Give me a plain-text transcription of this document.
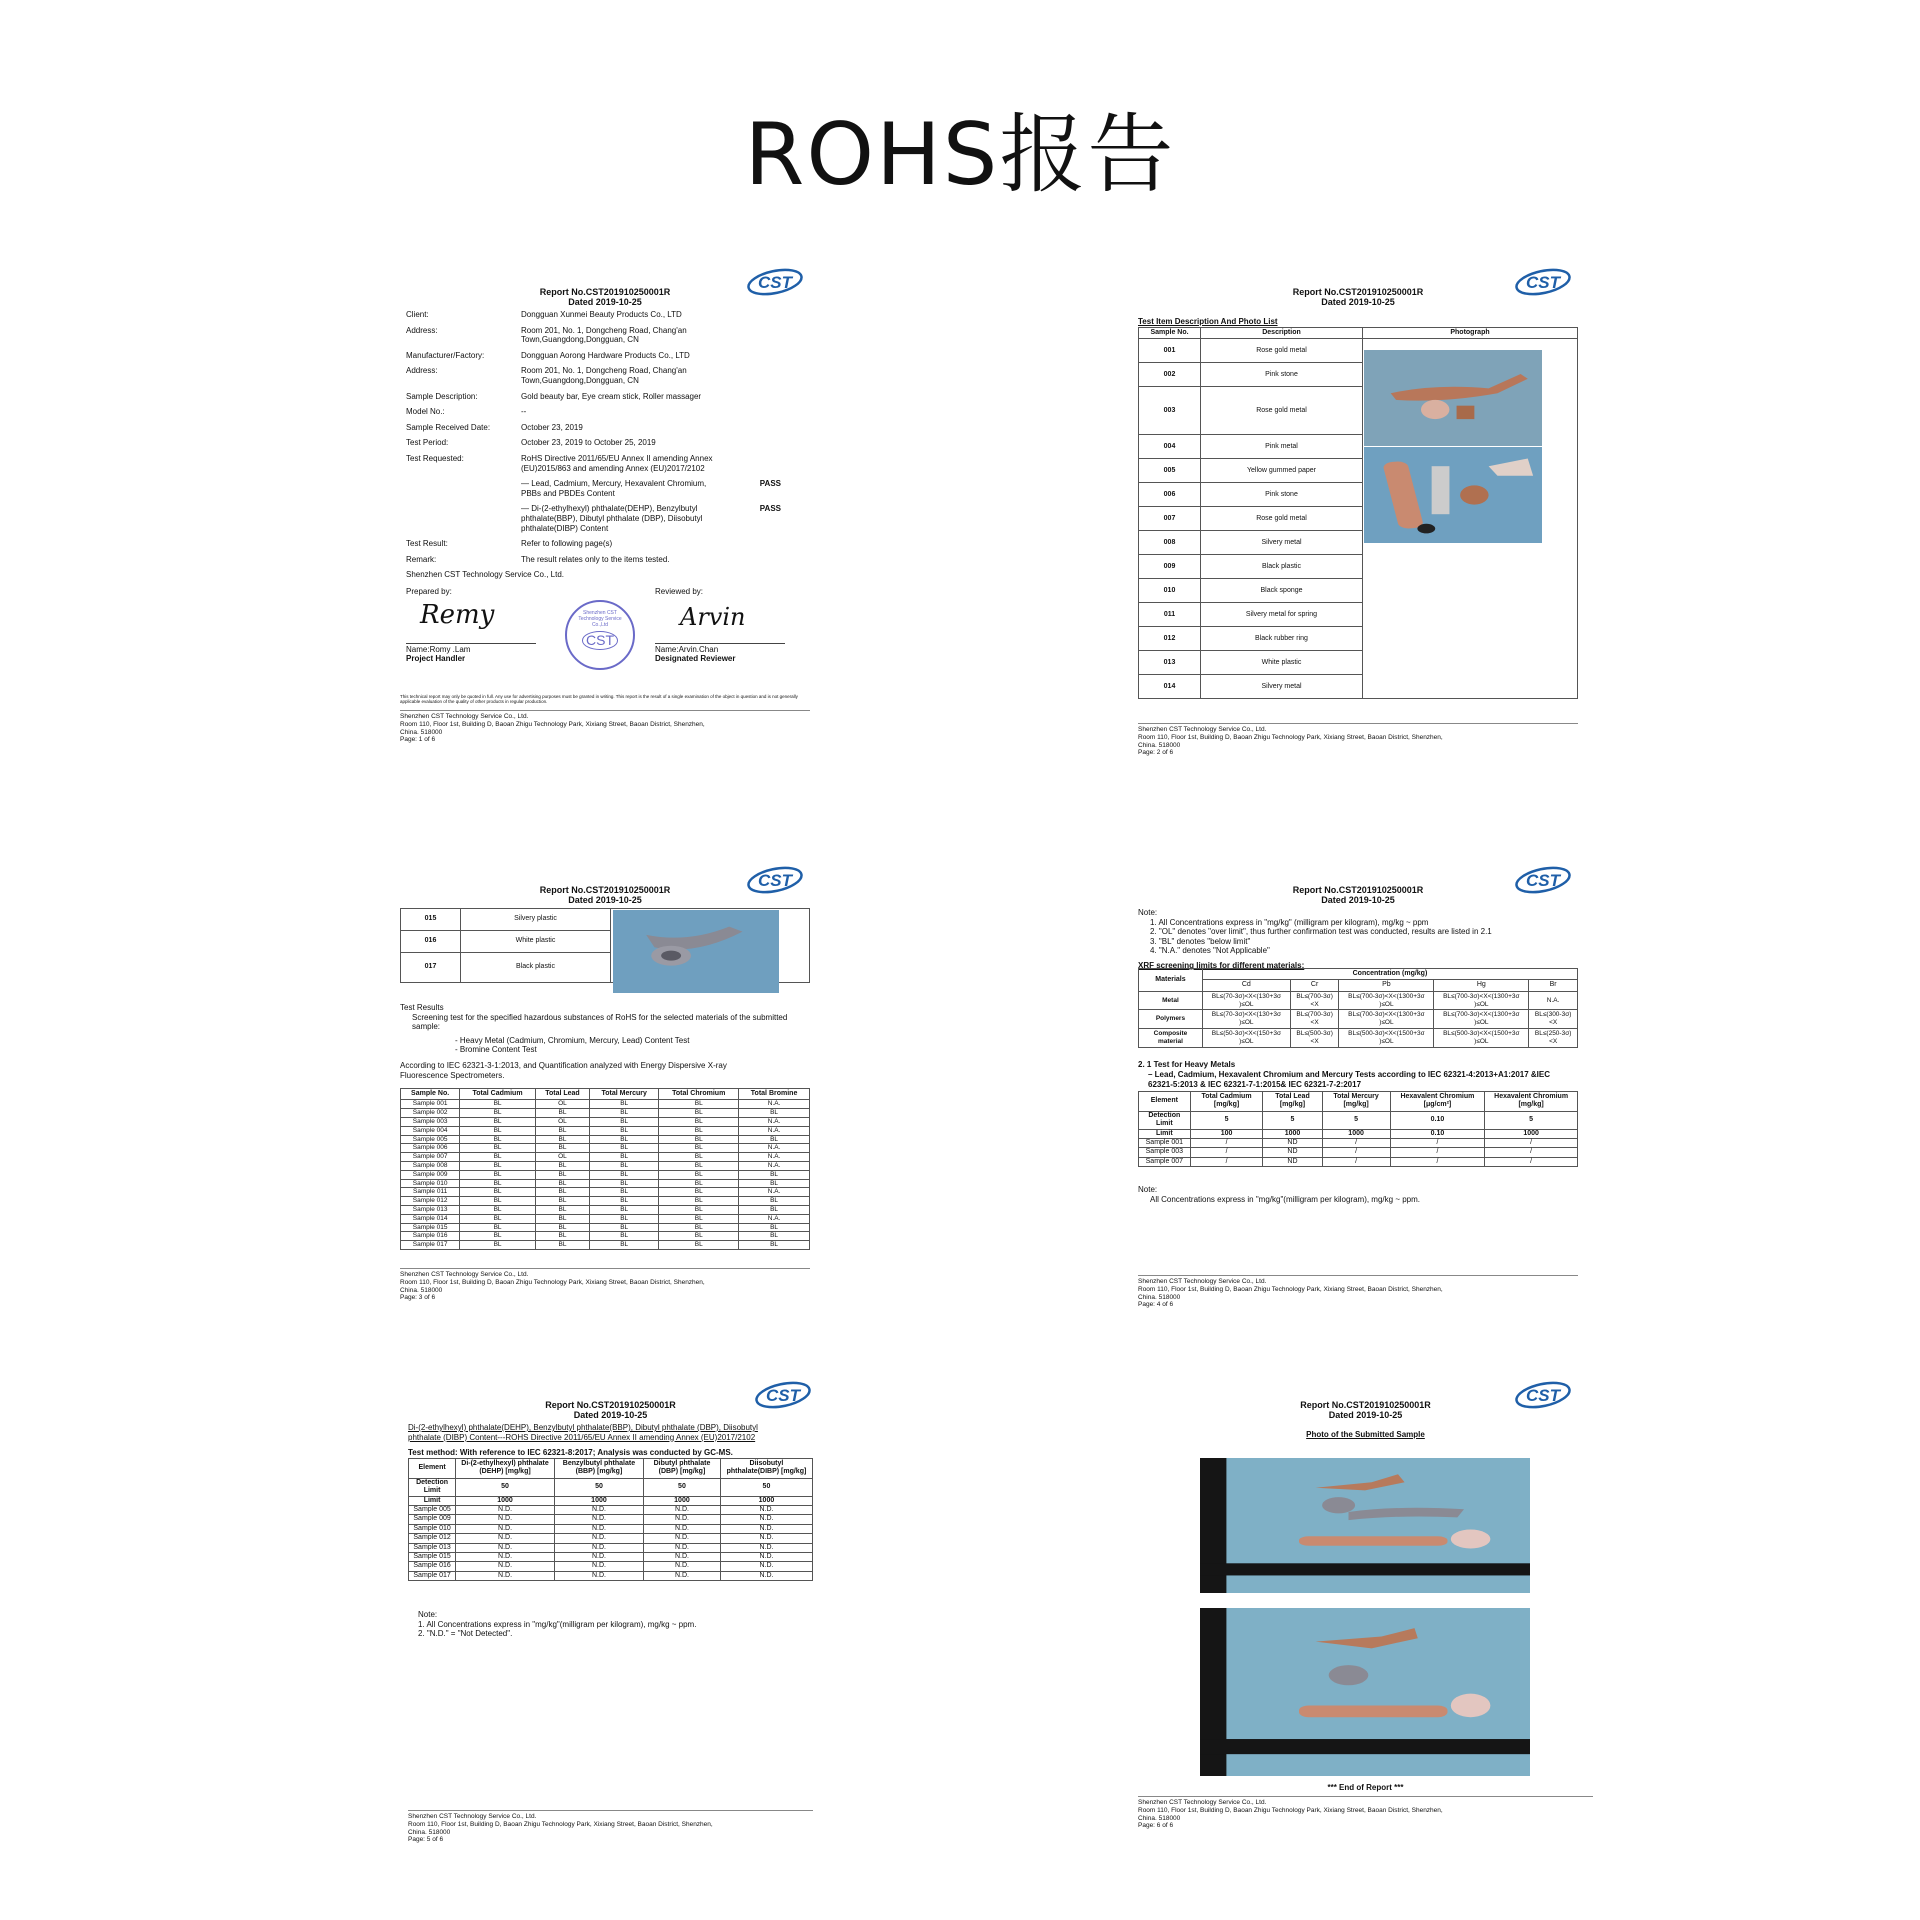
ROHS报告
CST
Report No.CST201910250001R
Dated 2019-10-25
Client:	Dongguan Xunmei Beauty Products Co., LTD
Address:	Room 201, No. 1, Dongcheng Road, Chang'an Town,Guangdong,Dongguan, CN
Manufacturer/Factory:	Dongguan Aorong Hardware Products Co., LTD
Address:	Room 201, No. 1, Dongcheng Road, Chang'an Town,Guangdong,Dongguan, CN
Sample Description:	Gold beauty bar, Eye cream stick, Roller massager
Model No.:	--
Sample Received Date:	October 23, 2019
Test Period:	October 23, 2019 to October 25, 2019
Test Requested:	RoHS Directive 2011/65/EU Annex II amending Annex (EU)2015/863 and amending Annex (EU)2017/2102
— Lead, Cadmium, Mercury, Hexavalent Chromium, PBBs and PBDEs Content
PASS
— Di-(2-ethylhexyl) phthalate(DEHP), Benzylbutyl phthalate(BBP), Dibutyl phthalate (DBP), Diisobutyl phthalate(DIBP) Content
PASS
Test Result:	Refer to following page(s)
Remark:	The result relates only to the items tested.
Shenzhen CST Technology Service Co., Ltd.
Prepared by:	Reviewed by:
Remy	Arvin
Shenzhen CST Technology Service Co.,Ltd
CST
Name:Romy .Lam
Project Handler
Name:Arvin.Chan
Designated Reviewer
This technical report may only be quoted in full. Any use for advertising purposes must be granted in writing. This report is the result of a single examination of the object in question and is not generally applicable evaluation of the quality of other products in regular production.
Shenzhen CST Technology Service Co., Ltd.
Room 110, Floor 1st, Building D, Baoan Zhigu Technology Park, Xixiang Street, Baoan District, Shenzhen,
China. 518000
Page: 1 of 6
CST
Report No.CST201910250001R
Dated 2019-10-25
Test Item Description And Photo List
Sample No.	Description	Photograph
001	Rose gold metal	
002	Pink stone	
003	Rose gold metal	
004	Pink metal	
005	Yellow gummed paper	
006	Pink stone	
007	Rose gold metal	
008	Silvery metal	
009	Black plastic	
010	Black sponge	
011	Silvery metal for spring	
012	Black rubber ring	
013	White plastic	
014	Silvery metal	
Shenzhen CST Technology Service Co., Ltd.
Room 110, Floor 1st, Building D, Baoan Zhigu Technology Park, Xixiang Street, Baoan District, Shenzhen,
China. 518000
Page: 2 of 6
CST
Report No.CST201910250001R
Dated 2019-10-25
015	Silvery plastic	
016	White plastic	
017	Black plastic	
Test Results
Screening test for the specified hazardous substances of RoHS for the selected materials of the submitted sample:
- Heavy Metal (Cadmium, Chromium, Mercury, Lead) Content Test
- Bromine Content Test
According to IEC 62321-3-1:2013, and Quantification analyzed with Energy Dispersive X-ray Fluorescence Spectrometers.
Sample No.	Total Cadmium	Total Lead	Total Mercury	Total Chromium	Total Bromine
Sample 001	BL	OL	BL	BL	N.A.
Sample 002	BL	BL	BL	BL	BL
Sample 003	BL	OL	BL	BL	N.A.
Sample 004	BL	BL	BL	BL	N.A.
Sample 005	BL	BL	BL	BL	BL
Sample 006	BL	BL	BL	BL	N.A.
Sample 007	BL	OL	BL	BL	N.A.
Sample 008	BL	BL	BL	BL	N.A.
Sample 009	BL	BL	BL	BL	BL
Sample 010	BL	BL	BL	BL	BL
Sample 011	BL	BL	BL	BL	N.A.
Sample 012	BL	BL	BL	BL	BL
Sample 013	BL	BL	BL	BL	BL
Sample 014	BL	BL	BL	BL	N.A.
Sample 015	BL	BL	BL	BL	BL
Sample 016	BL	BL	BL	BL	BL
Sample 017	BL	BL	BL	BL	BL
Shenzhen CST Technology Service Co., Ltd.
Room 110, Floor 1st, Building D, Baoan Zhigu Technology Park, Xixiang Street, Baoan District, Shenzhen,
China. 518000
Page: 3 of 6
CST
Report No.CST201910250001R
Dated 2019-10-25
Note:
1. All Concentrations express in "mg/kg" (milligram per kilogram), mg/kg ~ ppm
2. "OL" denotes "over limit", thus further confirmation test was conducted, results are listed in 2.1
3. "BL" denotes "below limit"
4. "N.A." denotes "Not Applicable"
XRF screening limits for different materials:
Materials	Concentration (mg/kg)				
	Cd	Cr	Pb	Hg	Br
Metal	BL≤(70-3σ)<X<(130+3σ )≤OL	BL≤(700-3σ)<X	BL≤(700-3σ)<X<(1300+3σ )≤OL	BL≤(700-3σ)<X<(1300+3σ )≤OL	N.A.
Polymers	BL≤(70-3σ)<X<(130+3σ )≤OL	BL≤(700-3σ)<X	BL≤(700-3σ)<X<(1300+3σ )≤OL	BL≤(700-3σ)<X<(1300+3σ )≤OL	BL≤(300-3σ)<X
Composite material	BL≤(50-3σ)<X<(150+3σ )≤OL	BL≤(500-3σ)<X	BL≤(500-3σ)<X<(1500+3σ )≤OL	BL≤(500-3σ)<X<(1500+3σ )≤OL	BL≤(250-3σ)<X
2. 1 Test for Heavy Metals
– Lead, Cadmium, Hexavalent Chromium and Mercury Tests according to IEC 62321-4:2013+A1:2017 &IEC 62321-5:2013 & IEC 62321-7-1:2015& IEC 62321-7-2:2017
Element	Total Cadmium [mg/kg]	Total Lead [mg/kg]	Total Mercury [mg/kg]	Hexavalent Chromium [μg/cm²]	Hexavalent Chromium [mg/kg]
Detection Limit	5	5	5	0.10	5
Limit	100	1000	1000	0.10	1000
Sample 001	/	ND	/	/	/
Sample 003	/	ND	/	/	/
Sample 007	/	ND	/	/	/
Note:
All Concentrations express in "mg/kg"(milligram per kilogram), mg/kg ~ ppm.
Shenzhen CST Technology Service Co., Ltd.
Room 110, Floor 1st, Building D, Baoan Zhigu Technology Park, Xixiang Street, Baoan District, Shenzhen,
China. 518000
Page: 4 of 6
CST
Report No.CST201910250001R
Dated 2019-10-25
Di-(2-ethylhexyl) phthalate(DEHP), Benzylbutyl phthalate(BBP), Dibutyl phthalate (DBP), Diisobutyl phthalate (DIBP) Content---ROHS Directive 2011/65/EU Annex II amending Annex (EU)2017/2102
Test method: With reference to IEC 62321-8:2017; Analysis was conducted by GC-MS.
Element	Di-(2-ethylhexyl) phthalate (DEHP) [mg/kg]	Benzylbutyl phthalate (BBP) [mg/kg]	Dibutyl phthalate (DBP) [mg/kg]	Diisobutyl phthalate(DIBP) [mg/kg]
Detection Limit	50	50	50	50
Limit	1000	1000	1000	1000
Sample 005	N.D.	N.D.	N.D.	N.D.
Sample 009	N.D.	N.D.	N.D.	N.D.
Sample 010	N.D.	N.D.	N.D.	N.D.
Sample 012	N.D.	N.D.	N.D.	N.D.
Sample 013	N.D.	N.D.	N.D.	N.D.
Sample 015	N.D.	N.D.	N.D.	N.D.
Sample 016	N.D.	N.D.	N.D.	N.D.
Sample 017	N.D.	N.D.	N.D.	N.D.
Note:
1. All Concentrations express in "mg/kg"(milligram per kilogram), mg/kg ~ ppm.
2. "N.D." = "Not Detected".
Shenzhen CST Technology Service Co., Ltd.
Room 110, Floor 1st, Building D, Baoan Zhigu Technology Park, Xixiang Street, Baoan District, Shenzhen,
China. 518000
Page: 5 of 6
CST
Report No.CST201910250001R
Dated 2019-10-25
Photo of the Submitted Sample
*** End of Report ***
Shenzhen CST Technology Service Co., Ltd.
Room 110, Floor 1st, Building D, Baoan Zhigu Technology Park, Xixiang Street, Baoan District, Shenzhen,
China. 518000
Page: 6 of 6
